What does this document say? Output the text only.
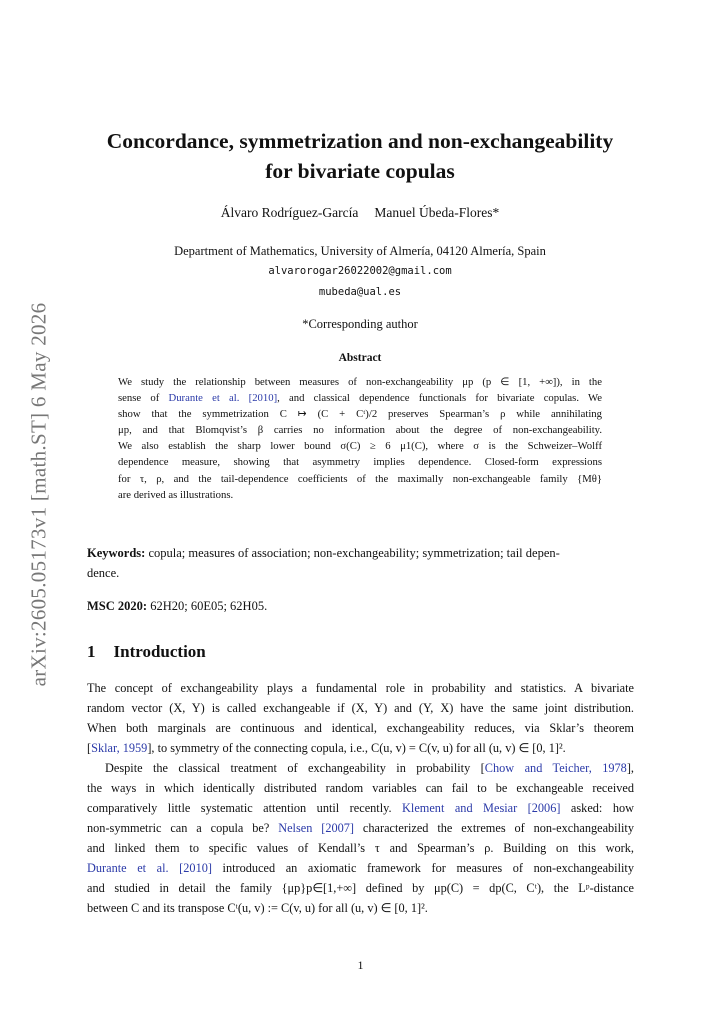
arXiv:2605.05173v1 [math.ST] 6 May 2026
Concordance, symmetrization and non-exchangeability
for bivariate copulas
Álvaro Rodríguez-García Manuel Úbeda-Flores*
Department of Mathematics, University of Almería, 04120 Almería, Spain
alvarorogar26022002@gmail.com
mubeda@ual.es
*Corresponding author
Abstract
We study the relationship between measures of non-exchangeability μp (p ∈ [1, +∞]), in the
sense of Durante et al. [2010], and classical dependence functionals for bivariate copulas. We
show that the symmetrization C ↦ (C + Cᵗ)/2 preserves Spearman’s ρ while annihilating
μp, and that Blomqvist’s β carries no information about the degree of non-exchangeability.
We also establish the sharp lower bound σ(C) ≥ 6 μ1(C), where σ is the Schweizer–Wolff
dependence measure, showing that asymmetry implies dependence. Closed-form expressions
for τ, ρ, and the tail-dependence coefficients of the maximally non-exchangeable family {Mθ}
are derived as illustrations.
Keywords: copula; measures of association; non-exchangeability; symmetrization; tail depen-
dence.
MSC 2020: 62H20; 60E05; 62H05.
1 Introduction
The concept of exchangeability plays a fundamental role in probability and statistics. A bivariate
random vector (X, Y) is called exchangeable if (X, Y) and (Y, X) have the same joint distribution.
When both marginals are continuous and identical, exchangeability reduces, via Sklar’s theorem
[Sklar, 1959], to symmetry of the connecting copula, i.e., C(u, v) = C(v, u) for all (u, v) ∈ [0, 1]².
Despite the classical treatment of exchangeability in probability [Chow and Teicher, 1978],
the ways in which identically distributed random variables can fail to be exchangeable received
comparatively little systematic attention until recently. Klement and Mesiar [2006] asked: how
non-symmetric can a copula be? Nelsen [2007] characterized the extremes of non-exchangeability
and linked them to specific values of Kendall’s τ and Spearman’s ρ. Building on this work,
Durante et al. [2010] introduced an axiomatic framework for measures of non-exchangeability
and studied in detail the family {μp}p∈[1,+∞] defined by μp(C) = dp(C, Cᵗ), the Lᵖ-distance
between C and its transpose Cᵗ(u, v) := C(v, u) for all (u, v) ∈ [0, 1]².
1
